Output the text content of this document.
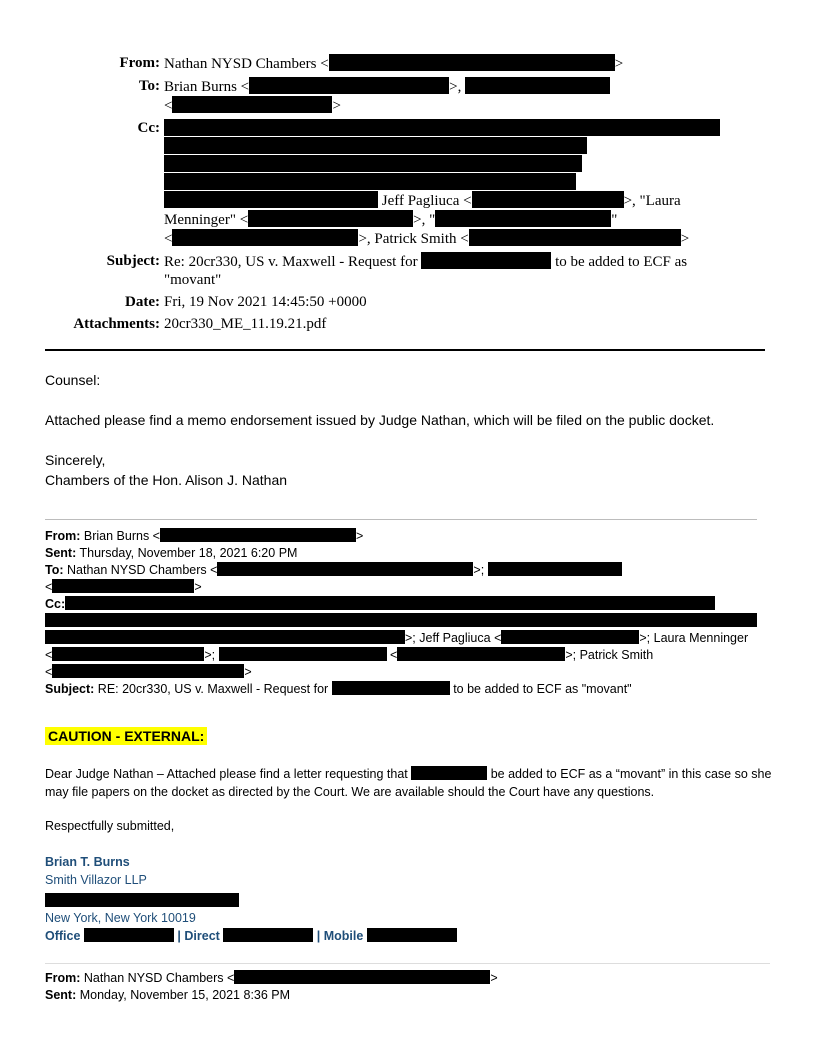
From: Nathan NYSD Chambers <	>
To: Brian Burns <	>,
<	>
Cc:
Jeff Pagliuca <	>, "Laura Menninger" <	>, "	"
<	>, Patrick Smith <	>
Subject: Re: 20cr330, US v. Maxwell - Request for	to be added to ECF as "movant"
Date: Fri, 19 Nov 2021 14:45:50 +0000
Attachments: 20cr330_ME_11.19.21.pdf
Counsel:
Attached please find a memo endorsement issued by Judge Nathan, which will be filed on the public docket.
Sincerely,
Chambers of the Hon. Alison J. Nathan
From: Brian Burns <	>
Sent: Thursday, November 18, 2021 6:20 PM
To: Nathan NYSD Chambers <	>;
<	>
Cc:
>; Jeff Pagliuca <	>; Laura Menninger
<	>;	<	>; Patrick Smith
<	>
Subject: RE: 20cr330, US v. Maxwell - Request for	to be added to ECF as "movant"
CAUTION - EXTERNAL:
Dear Judge Nathan – Attached please find a letter requesting that	be added to ECF as a “movant” in this case so she may file papers on the docket as directed by the Court. We are available should the Court have any questions.
Respectfully submitted,
Brian T. Burns
Smith Villazor LLP
New York, New York 10019
Office	| Direct	| Mobile
From: Nathan NYSD Chambers <	>
Sent: Monday, November 15, 2021 8:36 PM
